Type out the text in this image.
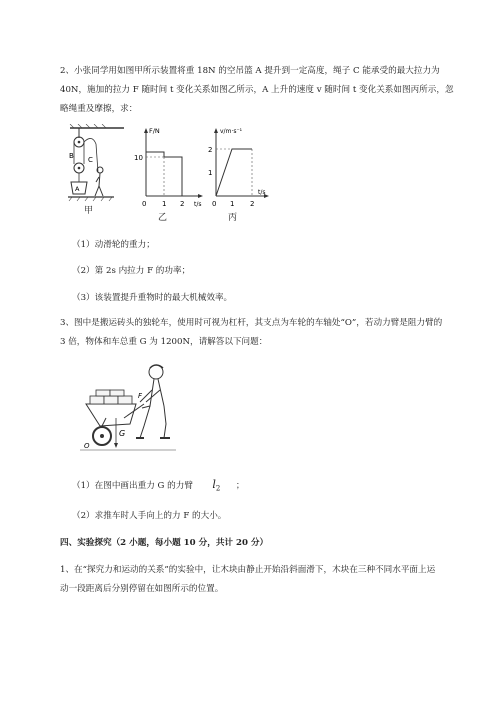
2、小张同学用如图甲所示装置将重 18N 的空吊篮 A 提升到一定高度，绳子 C 能承受的最大拉力为
40N，施加的拉力 F 随时间 t 变化关系如图乙所示，A 上升的速度 v 随时间 t 变化关系如图丙所示，忽
略绳重及摩擦，求：
B C
A
甲
F/N
t/s
10
0 1 2
乙
v/m·s⁻¹
t/s
2
1
0 1 2
丙
（1）动滑轮的重力；
（2）第 2s 内拉力 F 的功率；
（3）该装置提升重物时的最大机械效率。
3、图中是搬运砖头的独轮车，使用时可视为杠杆，其支点为车轮的车轴处“O”，若动力臂是阻力臂的
3 倍，物体和车总重 G 为 1200N，请解答以下问题：
G
O
F
（1）在图中画出重力 G 的力臂 $l_2$ ；
（2）求推车时人手向上的力 F 的大小。
四、实验探究（2 小题，每小题 10 分，共计 20 分）
1、在“探究力和运动的关系”的实验中，让木块由静止开始沿斜面滑下，木块在三种不同水平面上运
动一段距离后分别停留在如图所示的位置。
